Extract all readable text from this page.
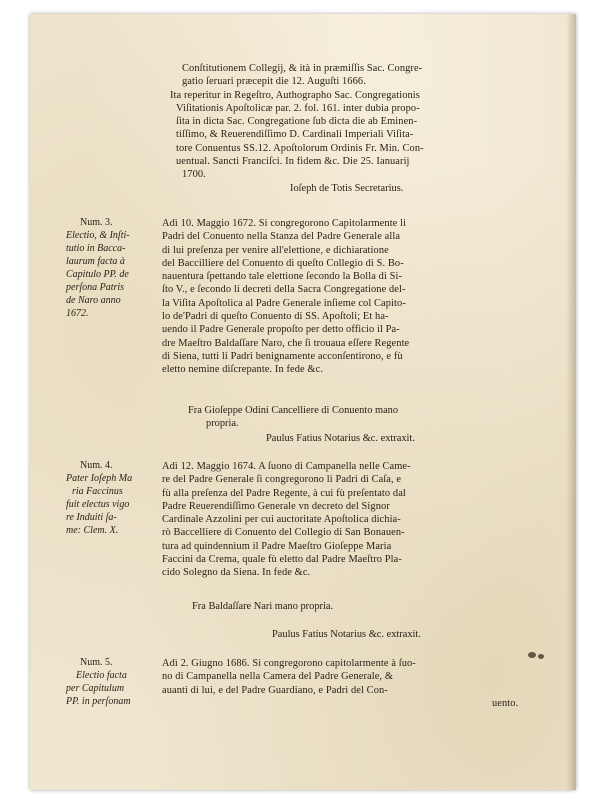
Conſtitutionem Collegij, & ità in præmiſſis Sac. Congre-
gatio ſeruari præcepit die 12. Auguſti 1666.
Ita reperitur in Regeſtro, Authographo Sac. Congregationis
Viſitationis Apoſtolicæ par. 2. fol. 161. inter dubia propo-
ſita in dicta Sac. Congregatione ſub dicta die ab Eminen-
tiſſimo, & Reuerendiſſimo D. Cardinali Imperiali Viſita-
tore Conuentus SS.12. Apoſtolorum Ordinis Fr. Min. Con-
uentual. Sancti Franciſci. In fidem &c. Die 25. Ianuarij
1700.
Ioſeph de Totis Secretarius.
Num. 3.
Electio, & Inſti-
tutio in Bacca-
laurum facta à
Capitulo PP. de
perſona Patris
de Naro anno
1672.
Adì 10. Maggio 1672. Si congregorono Capitolarmente li
Padri del Conuento nella Stanza del Padre Generale alla
di lui preſenza per venire all'elettione, e dichiaratione
del Baccilliere del Conuento di queſto Collegio di S. Bo-
nauentura ſpettando tale elettione ſecondo la Bolla di Si-
ſto V., e ſecondo li decreti della Sacra Congregatione del-
la Viſita Apoſtolica al Padre Generale inſieme col Capito-
lo de'Padri di queſto Conuento di SS. Apoſtoli; Et ha-
uendo il Padre Generale propoſto per detto officio il Pa-
dre Maeſtro Baldaſſare Naro, che ſi trouaua eſſere Regente
di Siena, tutti li Padri benignamente acconſentirono, e fù
eletto nemine diſcrepante. In fede &c.
Fra Gioſeppe Odini Cancelliere di Conuento mano
propria.
Paulus Fatius Notarius &c. extraxit.
Num. 4.
Pater Ioſeph Ma
ria Faccinus
fuit electus vigo
re Induiti ſa-
me: Clem. X.
Adì 12. Maggio 1674. A ſuono di Campanella nelle Came-
re del Padre Generale ſi congregorono li Padri di Caſa, e
fù alla preſenza del Padre Regente, à cui fù preſentato dal
Padre Reuerendiſſimo Generale vn decreto del Signor
Cardinale Azzolini per cui auctoritate Apoſtolica dichia-
rò Baccelliere di Conuento del Collegio di San Bonauen-
tura ad quindennium il Padre Maeſtro Gioſeppe Maria
Faccini da Crema, quale fù eletto dal Padre Maeſtro Pla-
cido Solegno da Siena. In fede &c.
Fra Baldaſſare Nari mano propria.
Paulus Fatius Notarius &c. extraxit.
Num. 5.
Electio facta
per Capitulum
PP. in perſonam
Adì 2. Giugno 1686. Si congregorono capitolarmente à ſuo-
no di Campanella nella Camera del Padre Generale, &
auanti di lui, e del Padre Guardiano, e Padri del Con-
uento.
